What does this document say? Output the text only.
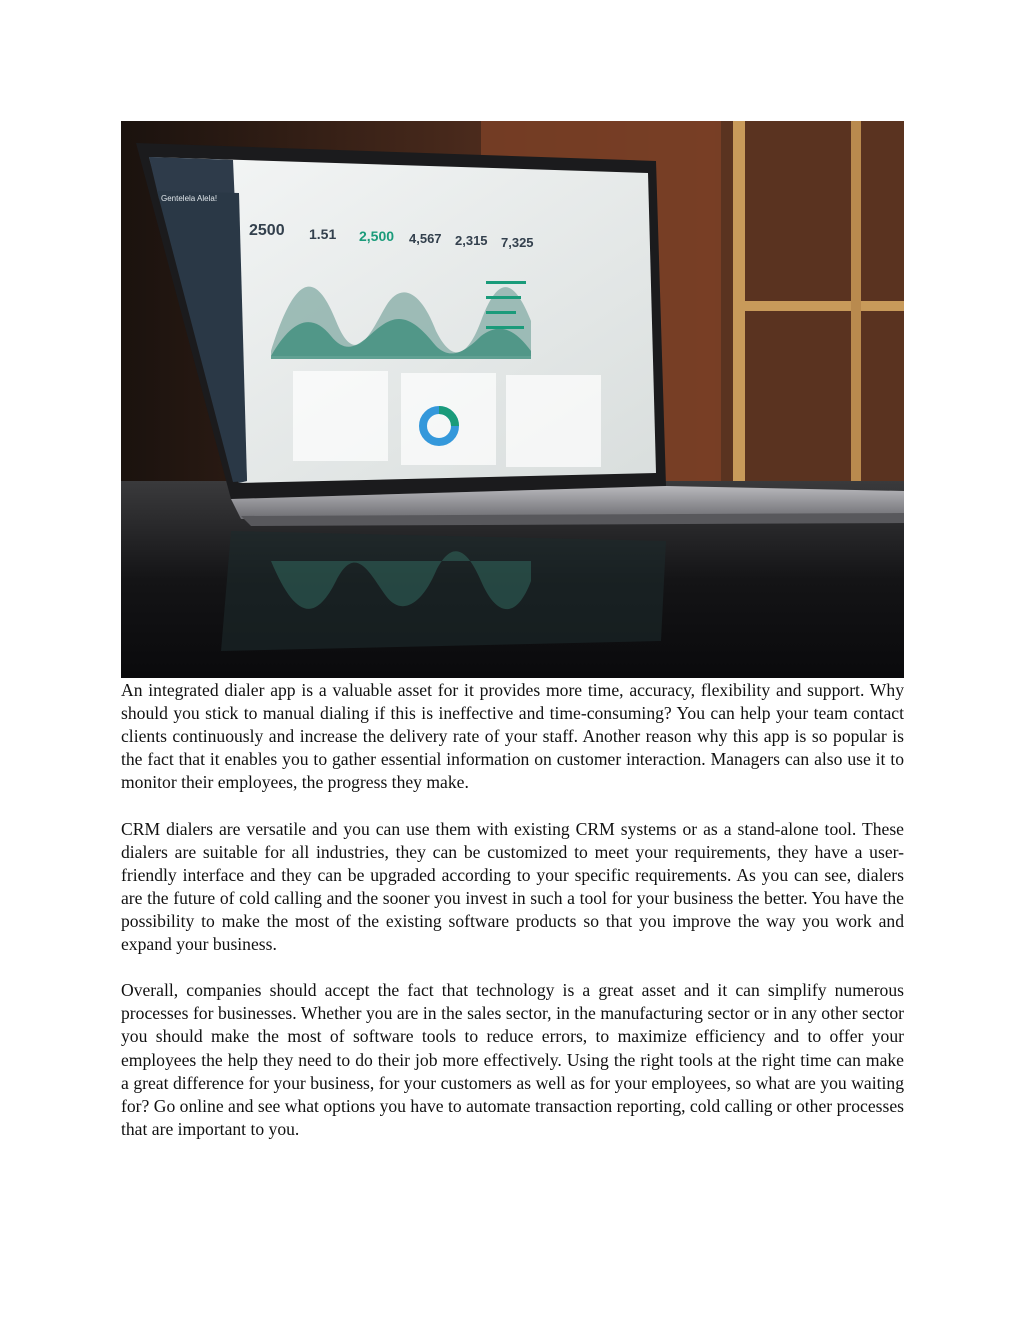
2500 1.51 2,500 4,567 2,315 7,325
Gentelela Alela!

An integrated dialer app is a valuable asset for it provides more time, accuracy, flexibility and support. Why should you stick to manual dialing if this is ineffective and time-consuming? You can help your team contact clients continuously and increase the delivery rate of your staff. Another reason why this app is so popular is the fact that it enables you to gather essential information on customer interaction. Managers can also use it to monitor their employees, the progress they make.

CRM dialers are versatile and you can use them with existing CRM systems or as a stand-alone tool. These dialers are suitable for all industries, they can be customized to meet your requirements, they have a user-friendly interface and they can be upgraded according to your specific requirements. As you can see, dialers are the future of cold calling and the sooner you invest in such a tool for your business the better. You have the possibility to make the most of the existing software products so that you improve the way you work and expand your business.

Overall, companies should accept the fact that technology is a great asset and it can simplify numerous processes for businesses. Whether you are in the sales sector, in the manufacturing sector or in any other sector you should make the most of software tools to reduce errors, to maximize efficiency and to offer your employees the help they need to do their job more effectively. Using the right tools at the right time can make a great difference for your business, for your customers as well as for your employees, so what are you waiting for? Go online and see what options you have to automate transaction reporting, cold calling or other processes that are important to you.
